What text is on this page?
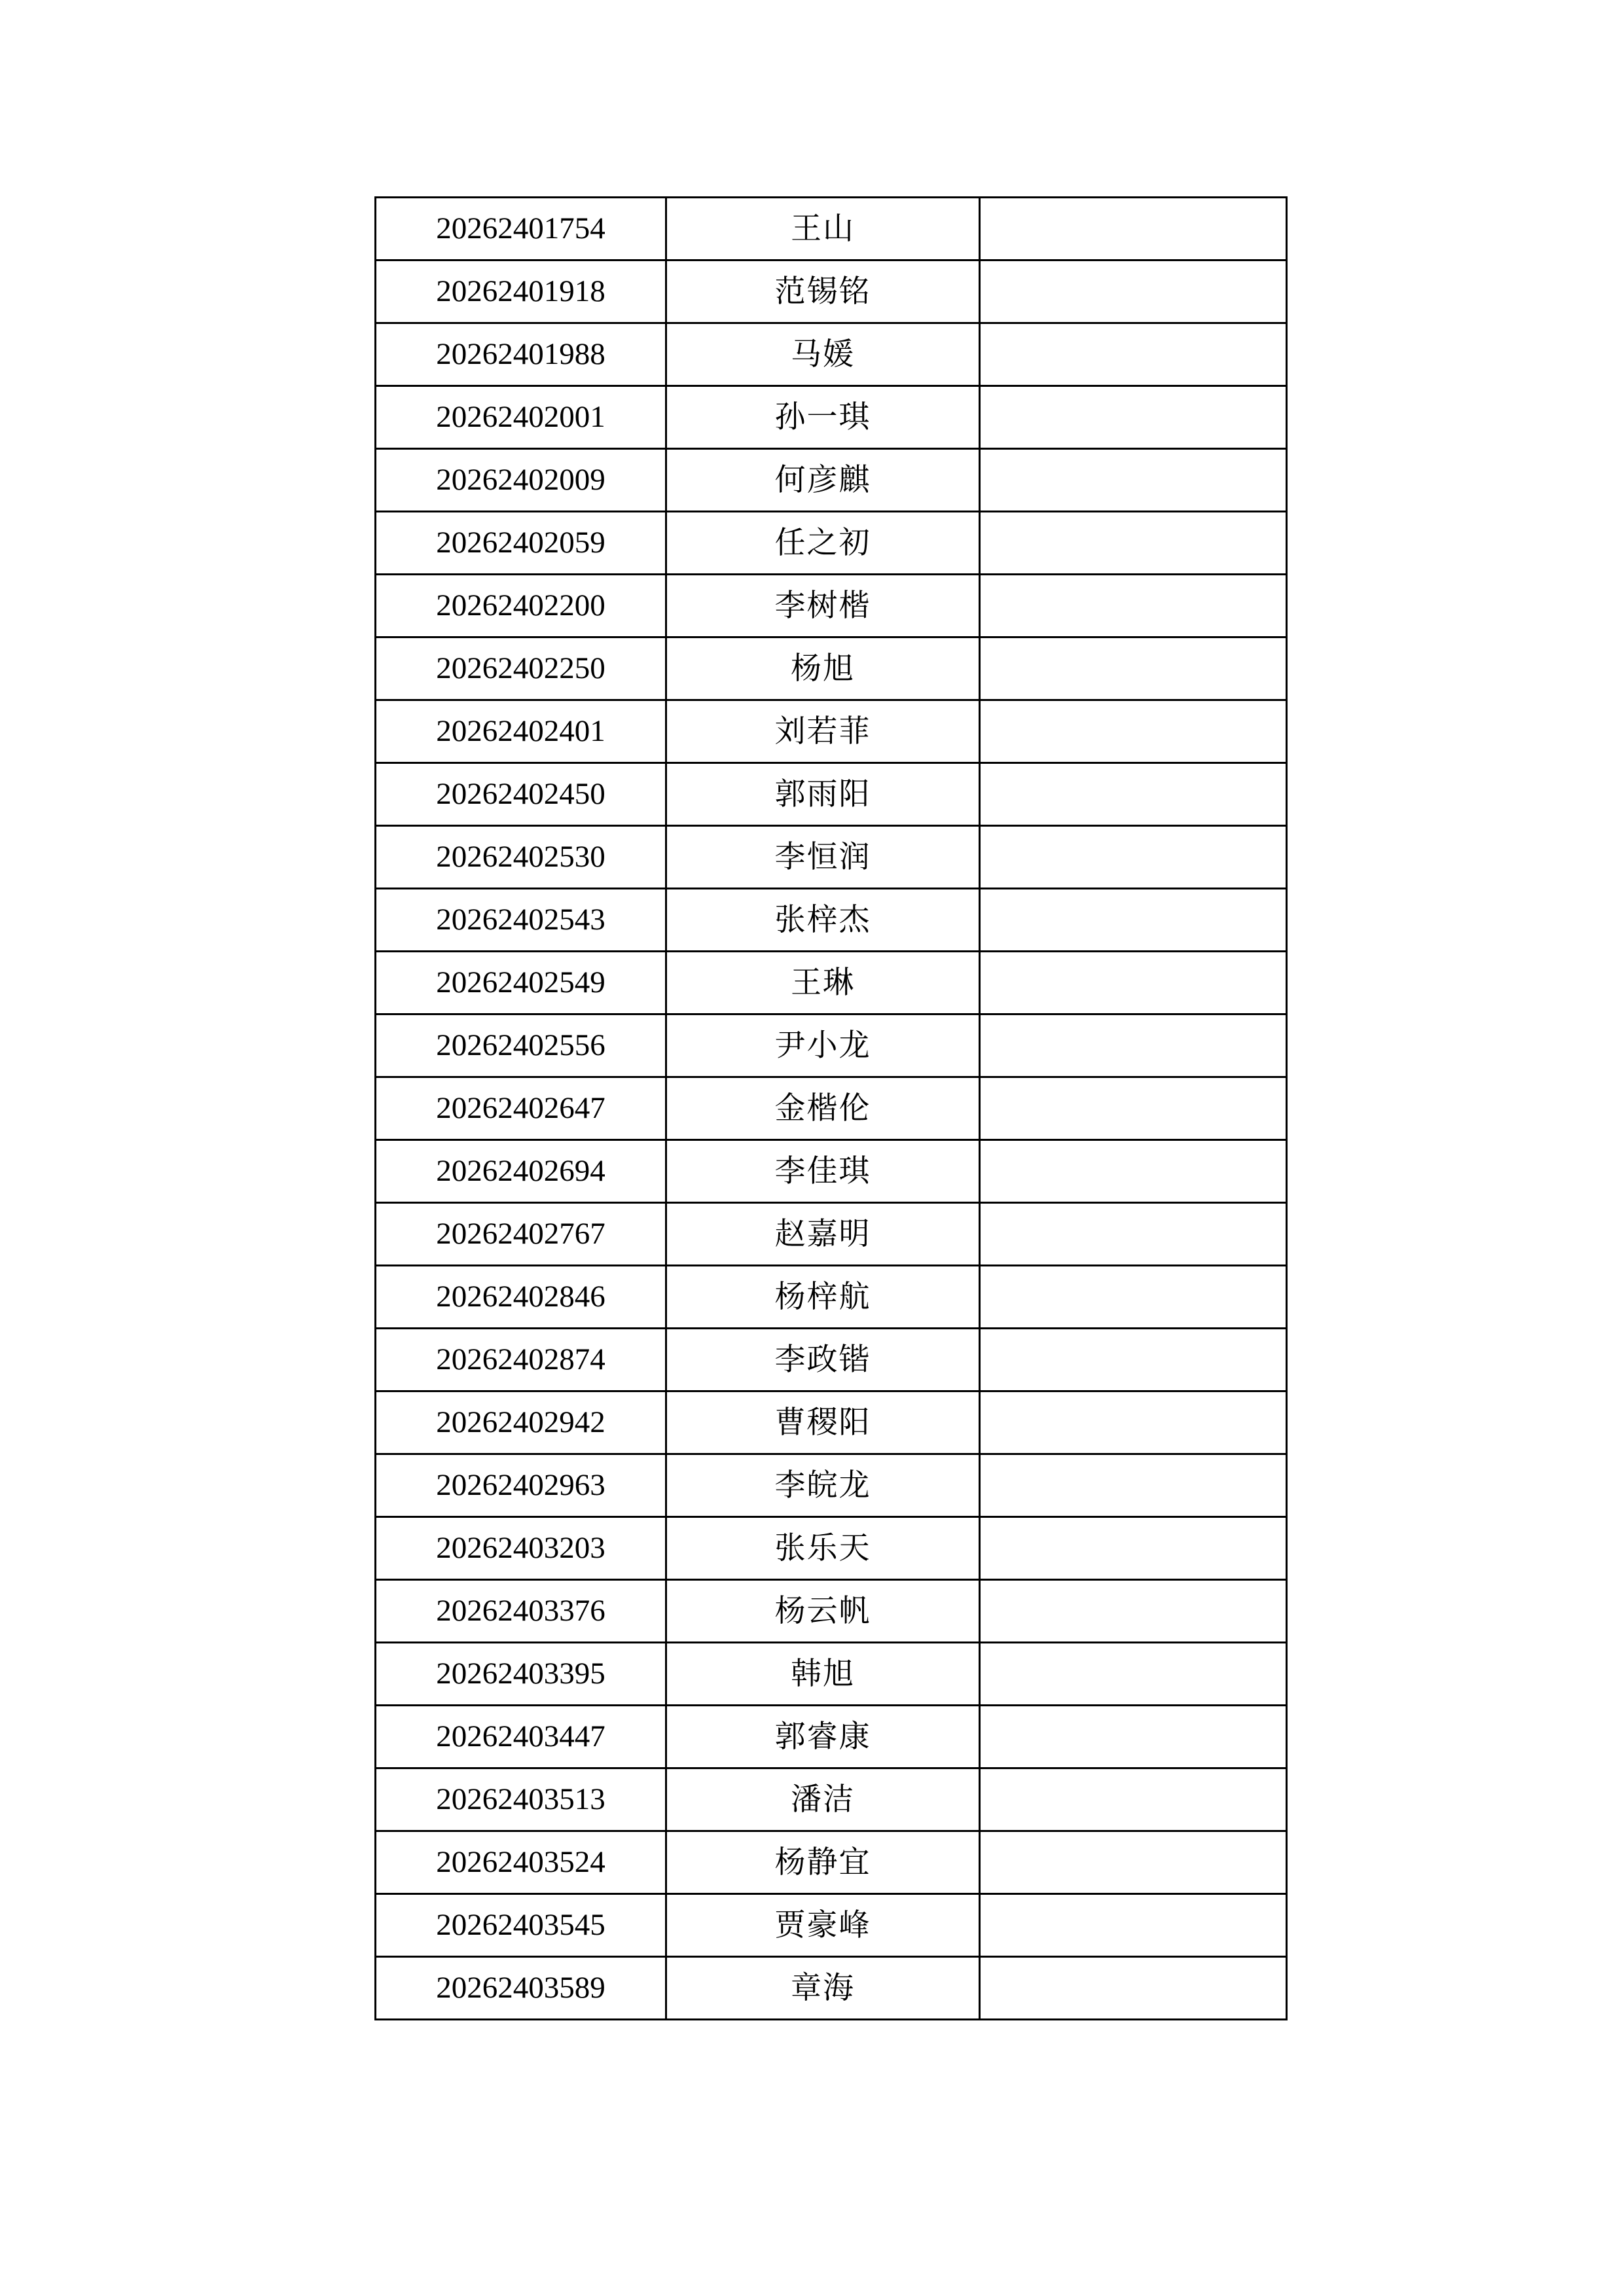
20262401754	王山	
20262401918	范锡铭	
20262401988	马媛	
20262402001	孙一琪	
20262402009	何彦麒	
20262402059	任之初	
20262402200	李树楷	
20262402250	杨旭	
20262402401	刘若菲	
20262402450	郭雨阳	
20262402530	李恒润	
20262402543	张梓杰	
20262402549	王琳	
20262402556	尹小龙	
20262402647	金楷伦	
20262402694	李佳琪	
20262402767	赵嘉明	
20262402846	杨梓航	
20262402874	李政锴	
20262402942	曹稷阳	
20262402963	李皖龙	
20262403203	张乐天	
20262403376	杨云帆	
20262403395	韩旭	
20262403447	郭睿康	
20262403513	潘洁	
20262403524	杨静宜	
20262403545	贾豪峰	
20262403589	章海	
